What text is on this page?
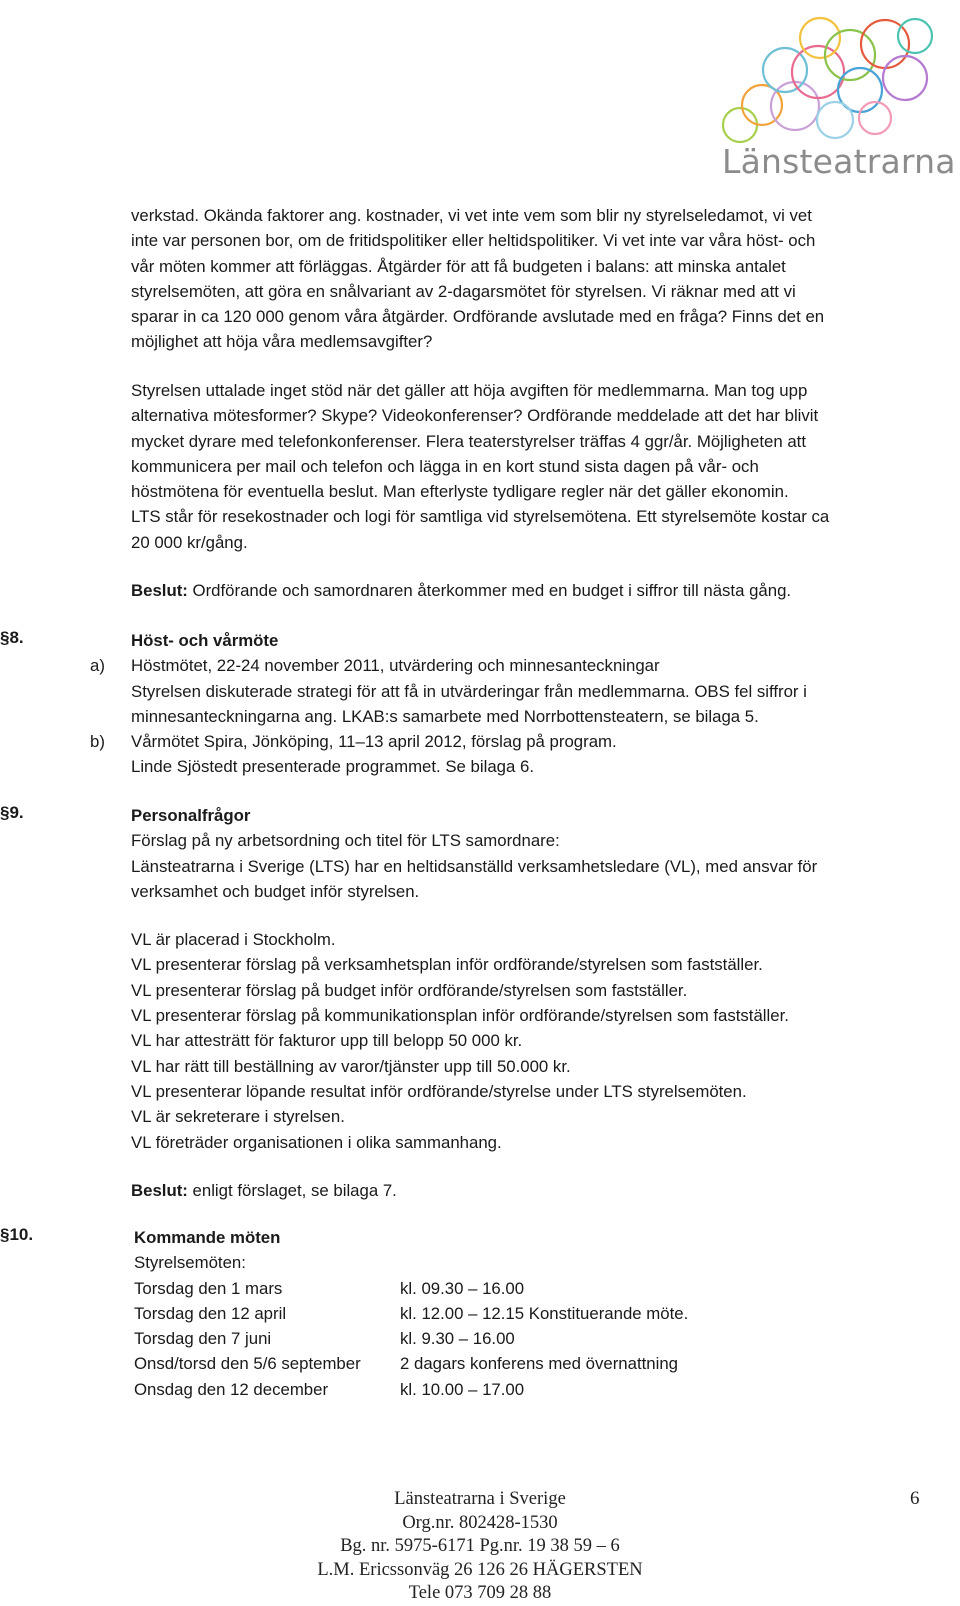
Länsteatrarna
verkstad. Okända faktorer ang. kostnader, vi vet inte vem som blir ny styrelseledamot, vi vet
inte var personen bor, om de fritidspolitiker eller heltidspolitiker. Vi vet inte var våra höst- och
vår möten kommer att förläggas. Åtgärder för att få budgeten i balans: att minska antalet
styrelsemöten, att göra en snålvariant av 2-dagarsmötet för styrelsen. Vi räknar med att vi
sparar in ca 120 000 genom våra åtgärder. Ordförande avslutade med en fråga? Finns det en
möjlighet att höja våra medlemsavgifter?
Styrelsen uttalade inget stöd när det gäller att höja avgiften för medlemmarna. Man tog upp
alternativa mötesformer? Skype? Videokonferenser? Ordförande meddelade att det har blivit
mycket dyrare med telefonkonferenser. Flera teaterstyrelser träffas 4 ggr/år. Möjligheten att
kommunicera per mail och telefon och lägga in en kort stund sista dagen på vår- och
höstmötena för eventuella beslut. Man efterlyste tydligare regler när det gäller ekonomin.
LTS står för resekostnader och logi för samtliga vid styrelsemötena. Ett styrelsemöte kostar ca
20 000 kr/gång.
Beslut: Ordförande och samordnaren återkommer med en budget i siffror till nästa gång.
§8.	Höst- och vårmöte
a) Höstmötet, 22-24 november 2011, utvärdering och minnesanteckningar
Styrelsen diskuterade strategi för att få in utvärderingar från medlemmarna. OBS fel siffror i
minnesanteckningarna ang. LKAB:s samarbete med Norrbottensteatern, se bilaga 5.
b) Vårmötet Spira, Jönköping, 11–13 april 2012, förslag på program.
Linde Sjöstedt presenterade programmet. Se bilaga 6.
§9.	Personalfrågor
Förslag på ny arbetsordning och titel för LTS samordnare:
Länsteatrarna i Sverige (LTS) har en heltidsanställd verksamhetsledare (VL), med ansvar för
verksamhet och budget inför styrelsen.
VL är placerad i Stockholm.
VL presenterar förslag på verksamhetsplan inför ordförande/styrelsen som fastställer.
VL presenterar förslag på budget inför ordförande/styrelsen som fastställer.
VL presenterar förslag på kommunikationsplan inför ordförande/styrelsen som fastställer.
VL har attesträtt för fakturor upp till belopp 50 000 kr.
VL har rätt till beställning av varor/tjänster upp till 50.000 kr.
VL presenterar löpande resultat inför ordförande/styrelse under LTS styrelsemöten.
VL är sekreterare i styrelsen.
VL företräder organisationen i olika sammanhang.
Beslut: enligt förslaget, se bilaga 7.
§10.	Kommande möten
Styrelsemöten:
Torsdag den 1 mars	kl. 09.30 – 16.00
Torsdag den 12 april	kl. 12.00 – 12.15 Konstituerande möte.
Torsdag den 7 juni	kl. 9.30 – 16.00
Onsd/torsd den 5/6 september	2 dagars konferens med övernattning
Onsdag den 12 december	kl. 10.00 – 17.00
Länsteatrarna i Sverige
Org.nr. 802428-1530
Bg. nr. 5975-6171 Pg.nr. 19 38 59 – 6
L.M. Ericssonväg 26 126 26 HÄGERSTEN
Tele 073 709 28 88
6
